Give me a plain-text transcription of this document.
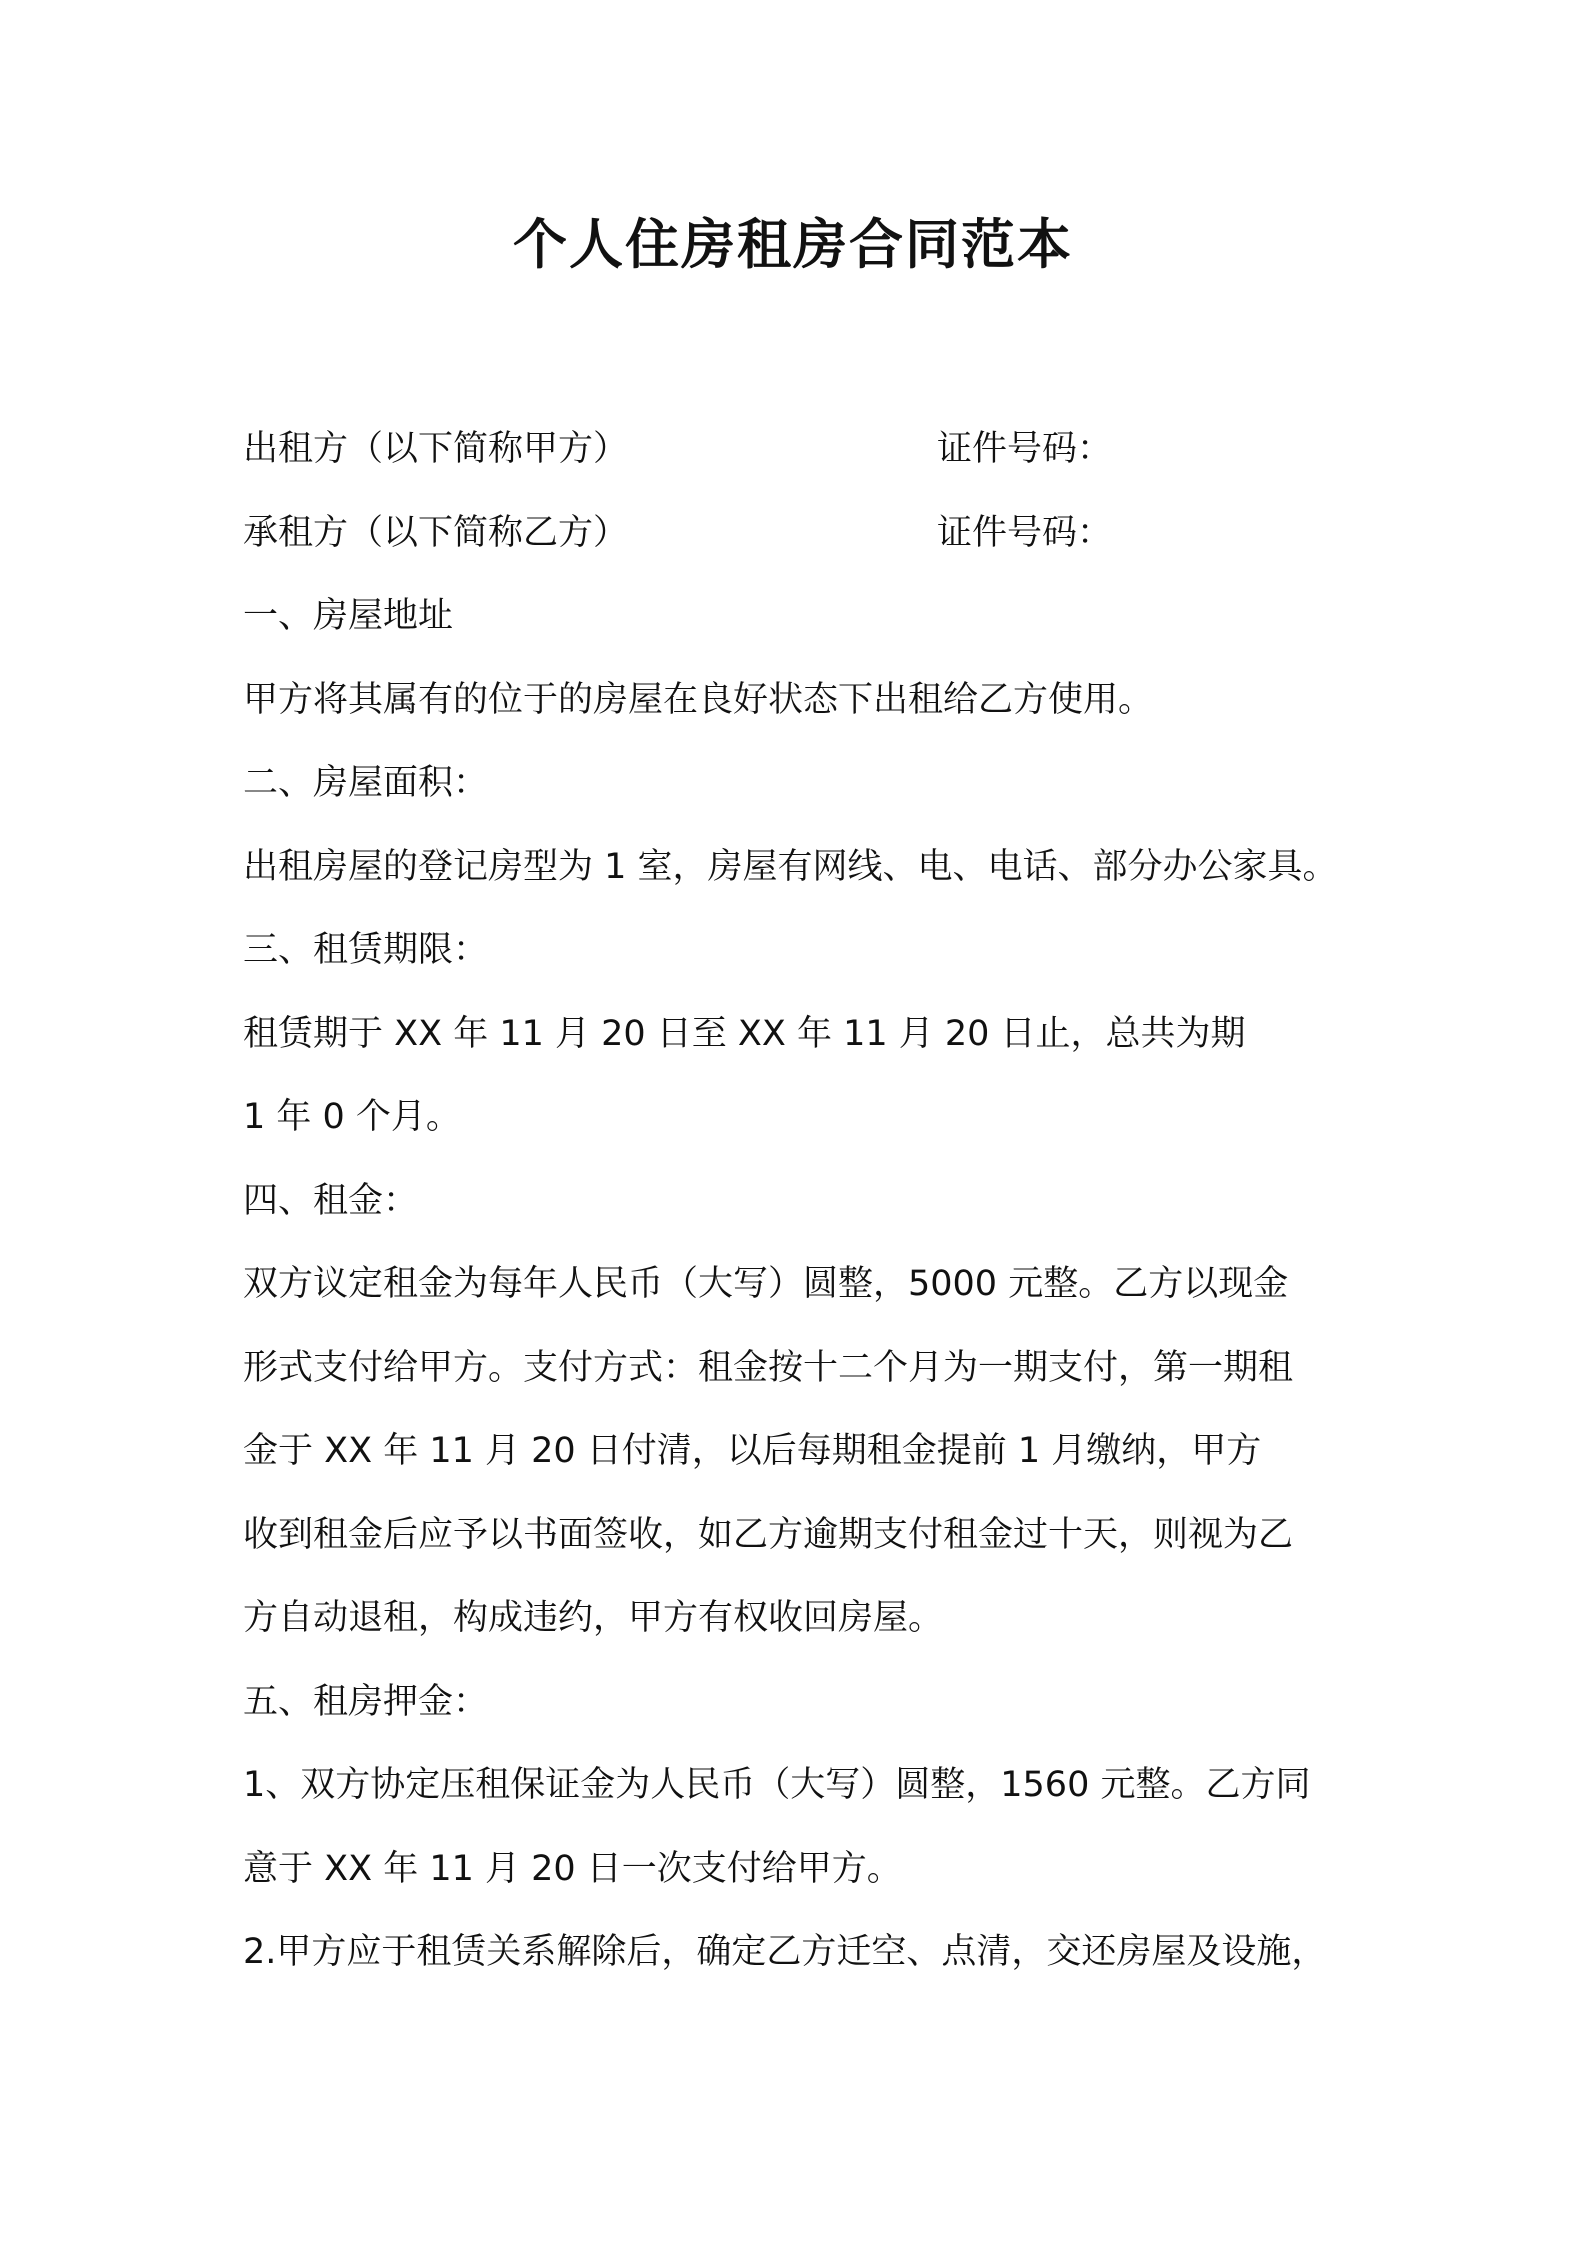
个人住房租房合同范本
出租方（以下简称甲方）	证件号码：
承租方（以下简称乙方）	证件号码：

一、房屋地址

甲方将其属有的位于的房屋在良好状态下出租给乙方使用。

二、房屋面积：

出租房屋的登记房型为 1 室，房屋有网线、电、电话、部分办公家具。

三、租赁期限：

租赁期于 XX 年 11 月 20 日至 XX 年 11 月 20 日止，总共为期

1 年 0 个月。

四、租金：

双方议定租金为每年人民币（大写）圆整，5000 元整。乙方以现金

形式支付给甲方。支付方式：租金按十二个月为一期支付，第一期租

金于 XX 年 11 月 20 日付清，以后每期租金提前 1 月缴纳，甲方

收到租金后应予以书面签收，如乙方逾期支付租金过十天，则视为乙

方自动退租，构成违约，甲方有权收回房屋。

五、租房押金：

1、双方协定压租保证金为人民币（大写）圆整，1560 元整。乙方同

意于 XX 年 11 月 20 日一次支付给甲方。

2.甲方应于租赁关系解除后，确定乙方迁空、点清，交还房屋及设施，
